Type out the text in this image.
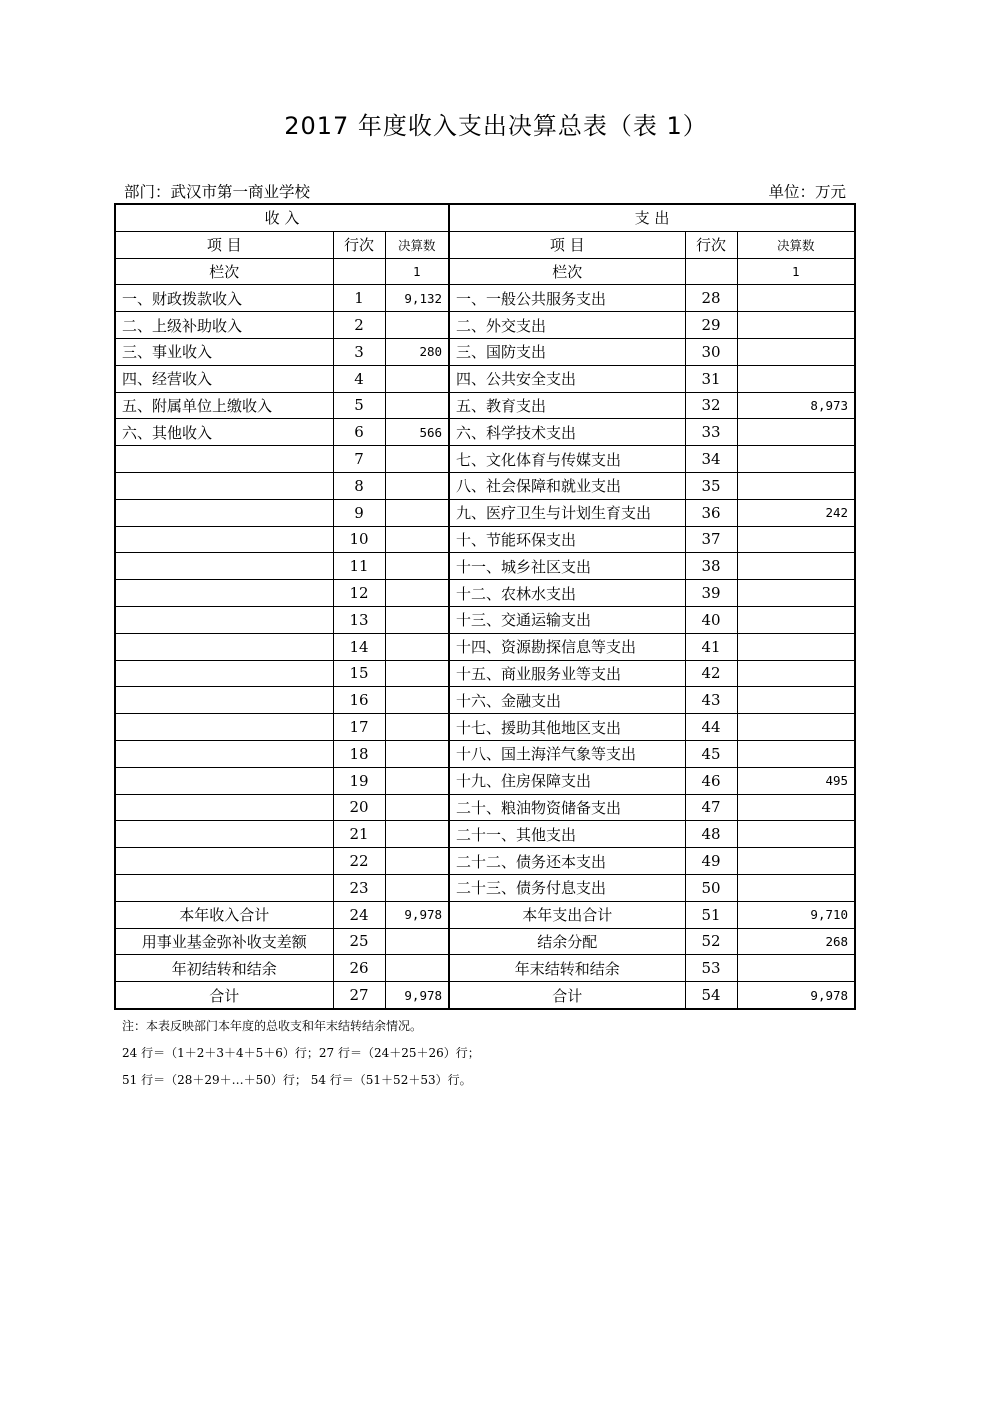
2017 年度收入支出决算总表（表 1）
部门：武汉市第一商业学校	单位：万元
收 入			支 出		
项 目	行次	决算数	项 目	行次	决算数
栏次		1	栏次		1
一、财政拨款收入	1	9,132	一、一般公共服务支出	28	
二、上级补助收入	2		二、外交支出	29	
三、事业收入	3	280	三、国防支出	30	
四、经营收入	4		四、公共安全支出	31	
五、附属单位上缴收入	5		五、教育支出	32	8,973
六、其他收入	6	566	六、科学技术支出	33	
	7		七、文化体育与传媒支出	34	
	8		八、社会保障和就业支出	35	
	9		九、医疗卫生与计划生育支出	36	242
	10		十、节能环保支出	37	
	11		十一、城乡社区支出	38	
	12		十二、农林水支出	39	
	13		十三、交通运输支出	40	
	14		十四、资源勘探信息等支出	41	
	15		十五、商业服务业等支出	42	
	16		十六、金融支出	43	
	17		十七、援助其他地区支出	44	
	18		十八、国土海洋气象等支出	45	
	19		十九、住房保障支出	46	495
	20		二十、粮油物资储备支出	47	
	21		二十一、其他支出	48	
	22		二十二、债务还本支出	49	
	23		二十三、债务付息支出	50	
本年收入合计	24	9,978	本年支出合计	51	9,710
用事业基金弥补收支差额	25		结余分配	52	268
年初结转和结余	26		年末结转和结余	53	
合计	27	9,978	合计	54	9,978
注：本表反映部门本年度的总收支和年末结转结余情况。
24 行＝（1＋2＋3＋4＋5＋6）行；27 行＝（24＋25＋26）行；
51 行＝（28＋29＋…＋50）行； 54 行＝（51＋52＋53）行。
